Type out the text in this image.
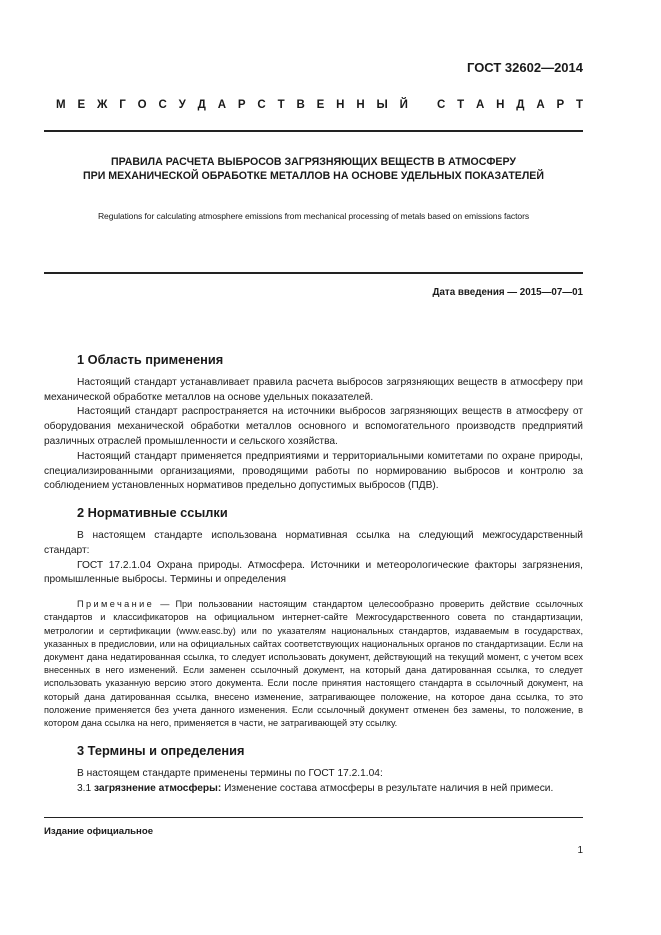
ГОСТ 32602—2014
М Е Ж Г О С У Д А Р С Т В Е Н Н Ы Й	С Т А Н Д А Р Т
ПРАВИЛА РАСЧЕТА ВЫБРОСОВ ЗАГРЯЗНЯЮЩИХ ВЕЩЕСТВ В АТМОСФЕРУ
ПРИ МЕХАНИЧЕСКОЙ ОБРАБОТКЕ МЕТАЛЛОВ НА ОСНОВЕ УДЕЛЬНЫХ ПОКАЗАТЕЛЕЙ
Regulations for calculating atmosphere emissions from mechanical processing of metals based on emissions factors
Дата введения — 2015—07—01
1 Область применения

Настоящий стандарт устанавливает правила расчета выбросов загрязняющих веществ в атмосферу при механической обработке металлов на основе удельных показателей.

Настоящий стандарт распространяется на источники выбросов загрязняющих веществ в атмосферу от оборудования механической обработки металлов основного и вспомогательного производств предприятий различных отраслей промышленности и сельского хозяйства.

Настоящий стандарт применяется предприятиями и территориальными комитетами по охране природы, специализированными организациями, проводящими работы по нормированию выбросов и контролю за соблюдением установленных нормативов предельно допустимых выбросов (ПДВ).

2 Нормативные ссылки

В настоящем стандарте использована нормативная ссылка на следующий межгосударственный стандарт:

ГОСТ 17.2.1.04 Охрана природы. Атмосфера. Источники и метеорологические факторы загрязнения, промышленные выбросы. Термины и определения

Примечание — При пользовании настоящим стандартом целесообразно проверить действие ссылочных стандартов и классификаторов на официальном интернет-сайте Межгосударственного совета по стандартизации, метрологии и сертификации (www.easc.by) или по указателям национальных стандартов, издаваемым в государствах, указанных в предисловии, или на официальных сайтах соответствующих национальных органов по стандартизации. Если на документ дана недатированная ссылка, то следует использовать документ, действующий на текущий момент, с учетом всех внесенных в него изменений. Если заменен ссылочный документ, на который дана датированная ссылка, то следует использовать указанную версию этого документа. Если после принятия настоящего стандарта в ссылочный документ, на который дана датированная ссылка, внесено изменение, затрагивающее положение, на которое дана ссылка, то это положение применяется без учета данного изменения. Если ссылочный документ отменен без замены, то положение, в котором дана ссылка на него, применяется в части, не затрагивающей эту ссылку.

3 Термины и определения

В настоящем стандарте применены термины по ГОСТ 17.2.1.04:

3.1 загрязнение атмосферы: Изменение состава атмосферы в результате наличия в ней примеси.

Издание официальное
1
